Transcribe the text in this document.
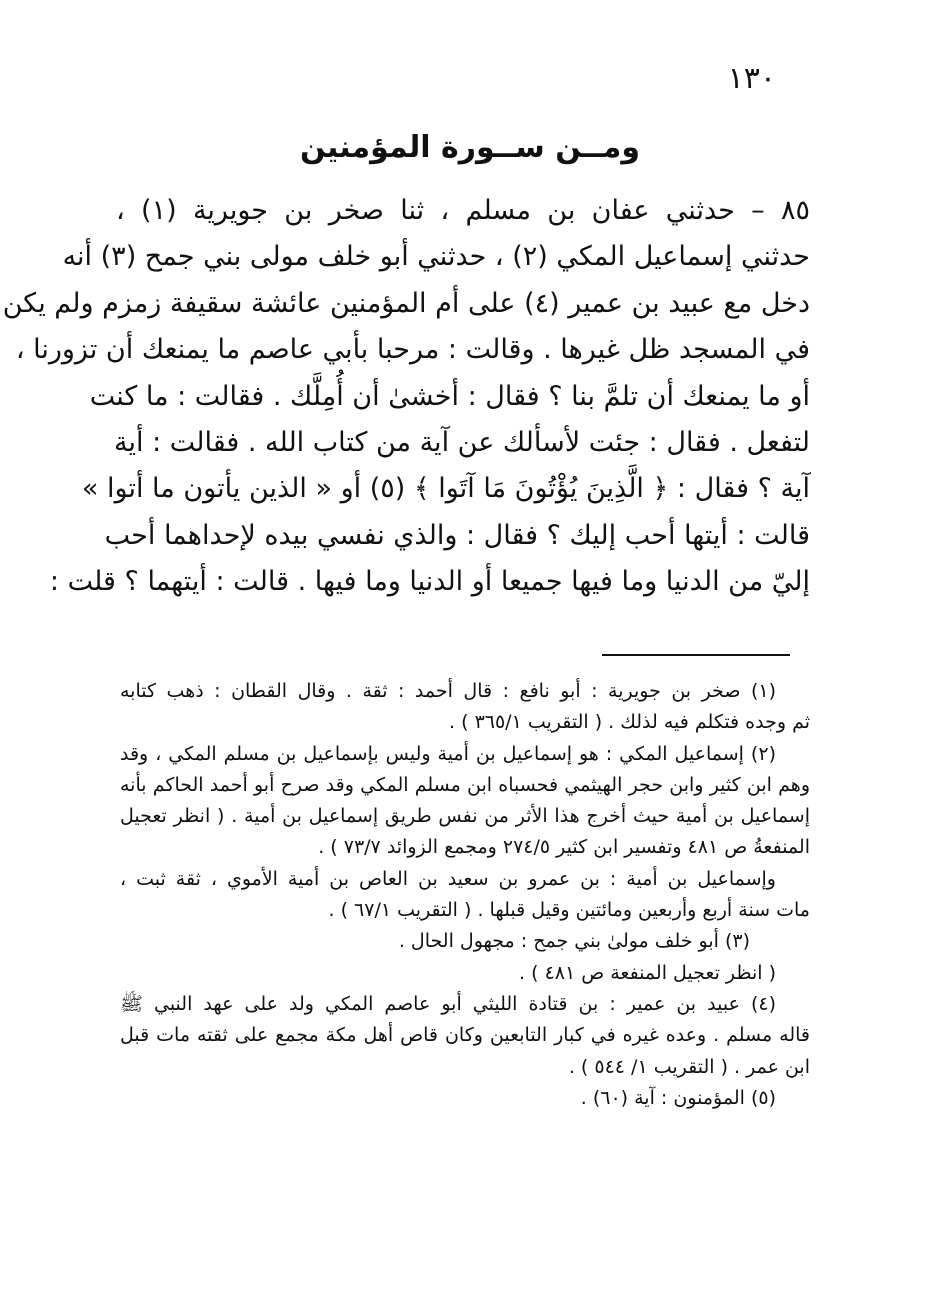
١٣٠
ومــن ســورة المؤمنين
٨٥ – حدثني عفان بن مسلم ، ثنا صخر بن جويرية (١) ،
حدثني إسماعيل المكي (٢) ، حدثني أبو خلف مولى بني جمح (٣) أنه
دخل مع عبيد بن عمير (٤) على أم المؤمنين عائشة سقيفة زمزم ولم يكن
في المسجد ظل غيرها . وقالت : مرحبا بأبي عاصم ما يمنعك أن تزورنا ،
أو ما يمنعك أن تلمَّ بنا ؟ فقال : أخشىٰ أن أُمِلَّك . فقالت : ما كنت
لتفعل . فقال : جئت لأسألك عن آية من كتاب الله . فقالت : أية
آية ؟ فقال : ﴿ الَّذِينَ يُؤْتُونَ مَا آتَوا ﴾ (٥) أو « الذين يأتون ما أتوا »
قالت : أيتها أحب إليك ؟ فقال : والذي نفسي بيده لإحداهما أحب
إليّ من الدنيا وما فيها جميعا أو الدنيا وما فيها . قالت : أيتهما ؟ قلت :
(١) صخر بن جويرية : أبو نافع : قال أحمد : ثقة . وقال القطان : ذهب كتابه
ثم وجده فتكلم فيه لذلك . ( التقريب ٣٦٥/١ ) .
(٢) إسماعيل المكي : هو إسماعيل بن أمية وليس بإسماعيل بن مسلم المكي ، وقد
وهم ابن كثير وابن حجر الهيثمي فحسباه ابن مسلم المكي وقد صرح أبو أحمد الحاكم بأنه
إسماعيل بن أمية حيث أخرج هذا الأثر من نفس طريق إسماعيل بن أمية . ( انظر تعجيل
المنفعةُ ص ٤٨١ وتفسير ابن كثير ٢٧٤/٥ ومجمع الزوائد ٧٣/٧ ) .
وإسماعيل بن أمية : بن عمرو بن سعيد بن العاص بن أمية الأموي ، ثقة ثبت ،
مات سنة أربع وأربعين ومائتين وقيل قبلها . ( التقريب ٦٧/١ ) .
(٣) أبو خلف مولىٰ بني جمح : مجهول الحال .
( انظر تعجيل المنفعة ص ٤٨١ ) .
(٤) عبيد بن عمير : بن قتادة الليثي أبو عاصم المكي ولد على عهد النبي ﷺ
قاله مسلم . وعده غيره في كبار التابعين وكان قاص أهل مكة مجمع على ثقته مات قبل
ابن عمر . ( التقريب ١/ ٥٤٤ ) .
(٥) المؤمنون : آية (٦٠) .
